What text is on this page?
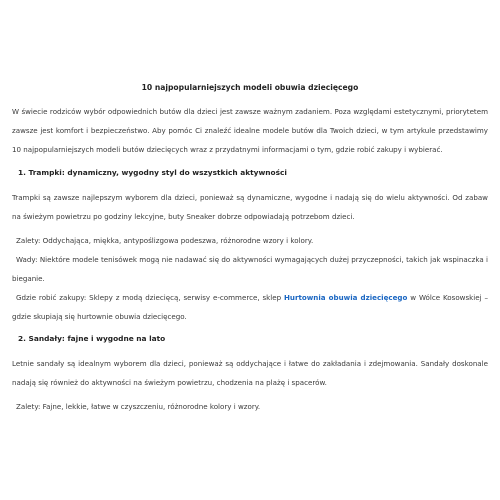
10 najpopularniejszych modeli obuwia dziecięcego

W świecie rodziców wybór odpowiednich butów dla dzieci jest zawsze ważnym zadaniem. Poza względami estetycznymi, priorytetem zawsze jest komfort i bezpieczeństwo. Aby pomóc Ci znaleźć idealne modele butów dla Twoich dzieci, w tym artykule przedstawimy 10 najpopularniejszych modeli butów dziecięcych wraz z przydatnymi informacjami o tym, gdzie robić zakupy i wybierać.

1. Trampki: dynamiczny, wygodny styl do wszystkich aktywności

Trampki są zawsze najlepszym wyborem dla dzieci, ponieważ są dynamiczne, wygodne i nadają się do wielu aktywności. Od zabaw na świeżym powietrzu po godziny lekcyjne, buty Sneaker dobrze odpowiadają potrzebom dzieci.

Zalety: Oddychająca, miękka, antypoślizgowa podeszwa, różnorodne wzory i kolory.

Wady: Niektóre modele tenisówek mogą nie nadawać się do aktywności wymagających dużej przyczepności, takich jak wspinaczka i bieganie.

Gdzie robić zakupy: Sklepy z modą dziecięcą, serwisy e-commerce, sklep Hurtownia obuwia dziecięcego w Wólce Kosowskiej – gdzie skupiają się hurtownie obuwia dziecięcego.

2. Sandały: fajne i wygodne na lato

Letnie sandały są idealnym wyborem dla dzieci, ponieważ są oddychające i łatwe do zakładania i zdejmowania. Sandały doskonale nadają się również do aktywności na świeżym powietrzu, chodzenia na plażę i spacerów.

Zalety: Fajne, lekkie, łatwe w czyszczeniu, różnorodne kolory i wzory.
